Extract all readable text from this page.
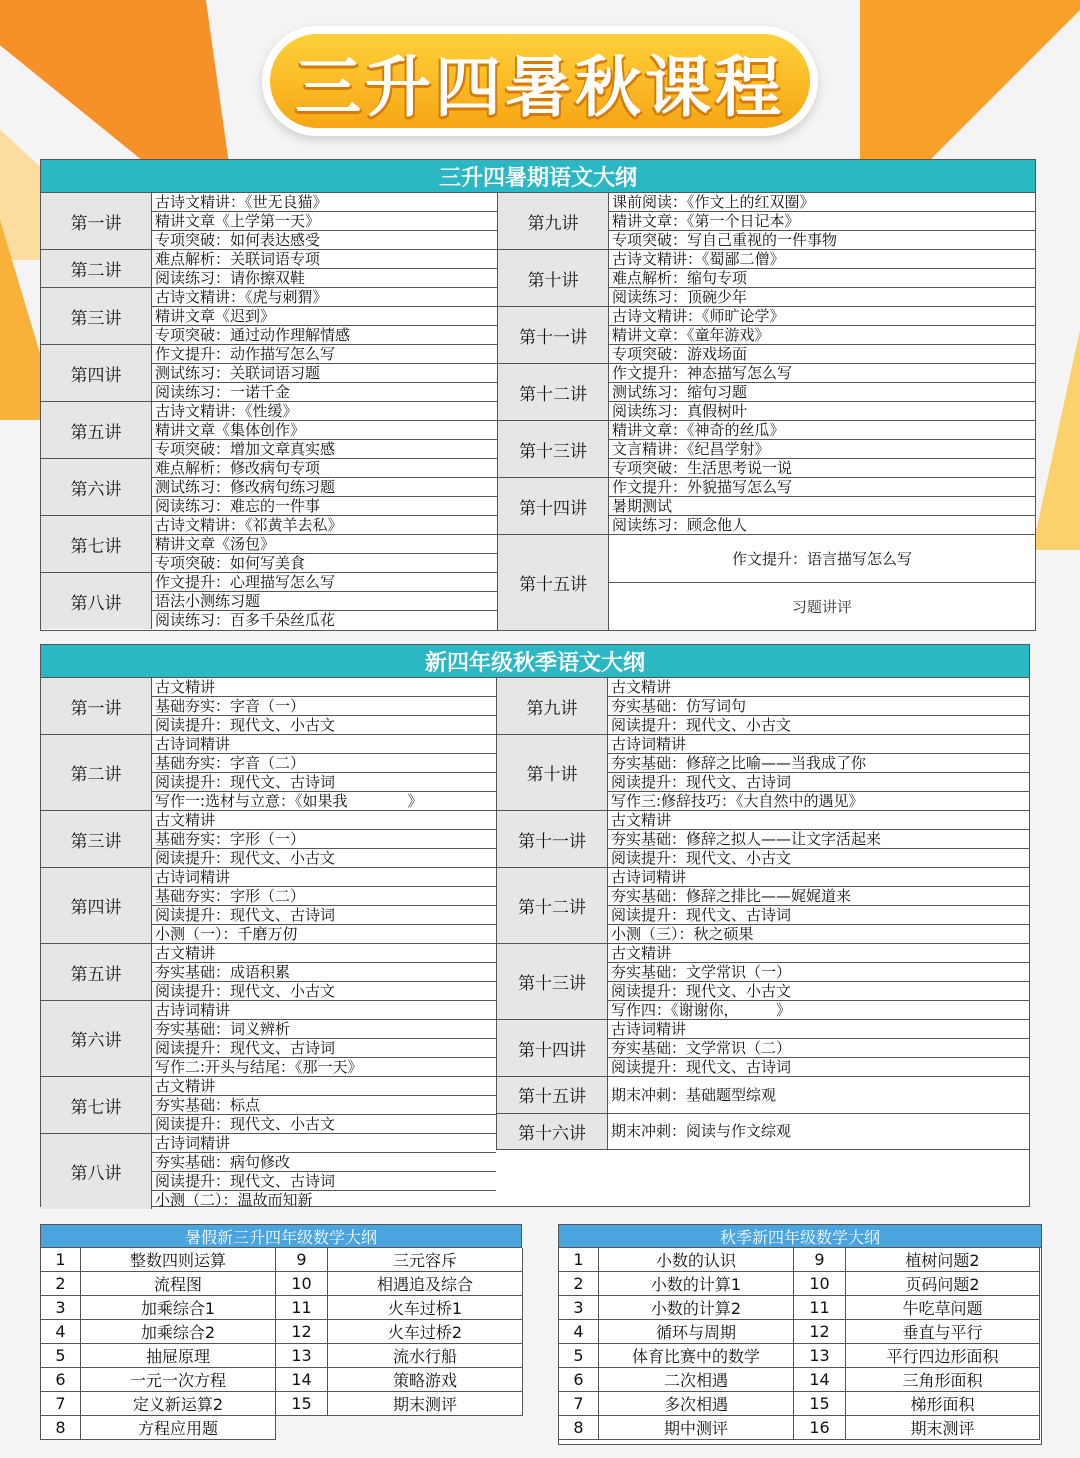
三升四暑秋课程
三升四暑期语文大纲
第一讲
古诗文精讲：《世无良猫》
精讲文章《上学第一天》
专项突破：如何表达感受
第二讲
难点解析：关联词语专项
阅读练习：请你擦双鞋
第三讲
古诗文精讲：《虎与刺猬》
精讲文章《迟到》
专项突破：通过动作理解情感
第四讲
作文提升：动作描写怎么写
测试练习：关联词语习题
阅读练习：一诺千金
第五讲
古诗文精讲：《性缓》
精讲文章《集体创作》
专项突破：增加文章真实感
第六讲
难点解析：修改病句专项
测试练习：修改病句练习题
阅读练习：难忘的一件事
第七讲
古诗文精讲：《祁黄羊去私》
精讲文章《汤包》
专项突破：如何写美食
第八讲
作文提升：心理描写怎么写
语法小测练习题
阅读练习：百多千朵丝瓜花
第九讲
课前阅读：《作文上的红双圈》
精讲文章：《第一个日记本》
专项突破：写自己重视的一件事物
第十讲
古诗文精讲：《蜀鄙二僧》
难点解析：缩句专项
阅读练习：顶碗少年
第十一讲
古诗文精讲：《师旷论学》
精讲文章：《童年游戏》
专项突破：游戏场面
第十二讲
作文提升：神态描写怎么写
测试练习：缩句习题
阅读练习：真假树叶
第十三讲
精讲文章：《神奇的丝瓜》
文言精讲：《纪昌学射》
专项突破：生活思考说一说
第十四讲
作文提升：外貌描写怎么写
暑期测试
阅读练习：顾念他人
第十五讲
作文提升：语言描写怎么写
习题讲评
新四年级秋季语文大纲
第一讲
古文精讲
基础夯实：字音（一）
阅读提升：现代文、小古文
第二讲
古诗词精讲
基础夯实：字音（二）
阅读提升：现代文、古诗词
写作一:选材与立意：《如果我　　　　》
第三讲
古文精讲
基础夯实：字形（一）
阅读提升：现代文、小古文
第四讲
古诗词精讲
基础夯实：字形（二）
阅读提升：现代文、古诗词
小测（一）：千磨万仞
第五讲
古文精讲
夯实基础：成语积累
阅读提升：现代文、小古文
第六讲
古诗词精讲
夯实基础：词义辨析
阅读提升：现代文、古诗词
写作二:开头与结尾：《那一天》
第七讲
古文精讲
夯实基础：标点
阅读提升：现代文、小古文
第八讲
古诗词精讲
夯实基础：病句修改
阅读提升：现代文、古诗词
小测（二）：温故而知新
第九讲
古文精讲
夯实基础：仿写词句
阅读提升：现代文、小古文
第十讲
古诗词精讲
夯实基础：修辞之比喻——当我成了你
阅读提升：现代文、古诗词
写作三:修辞技巧：《大自然中的遇见》
第十一讲
古文精讲
夯实基础：修辞之拟人——让文字活起来
阅读提升：现代文、小古文
第十二讲
古诗词精讲
夯实基础：修辞之排比——娓娓道来
阅读提升：现代文、古诗词
小测（三）：秋之硕果
第十三讲
古文精讲
夯实基础：文学常识（一）
阅读提升：现代文、小古文
写作四：《谢谢你，　　　》
第十四讲
古诗词精讲
夯实基础：文学常识（二）
阅读提升：现代文、古诗词
第十五讲	期末冲刺：基础题型综观
第十六讲	期末冲刺：阅读与作文综观
暑假新三升四年级数学大纲
1	整数四则运算	9	三元容斥
2	流程图	10	相遇追及综合
3	加乘综合1	11	火车过桥1
4	加乘综合2	12	火车过桥2
5	抽屉原理	13	流水行船
6	一元一次方程	14	策略游戏
7	定义新运算2	15	期末测评
8	方程应用题
秋季新四年级数学大纲
1	小数的认识	9	植树问题2
2	小数的计算1	10	页码问题2
3	小数的计算2	11	牛吃草问题
4	循环与周期	12	垂直与平行
5	体育比赛中的数学	13	平行四边形面积
6	二次相遇	14	三角形面积
7	多次相遇	15	梯形面积
8	期中测评	16	期末测评
